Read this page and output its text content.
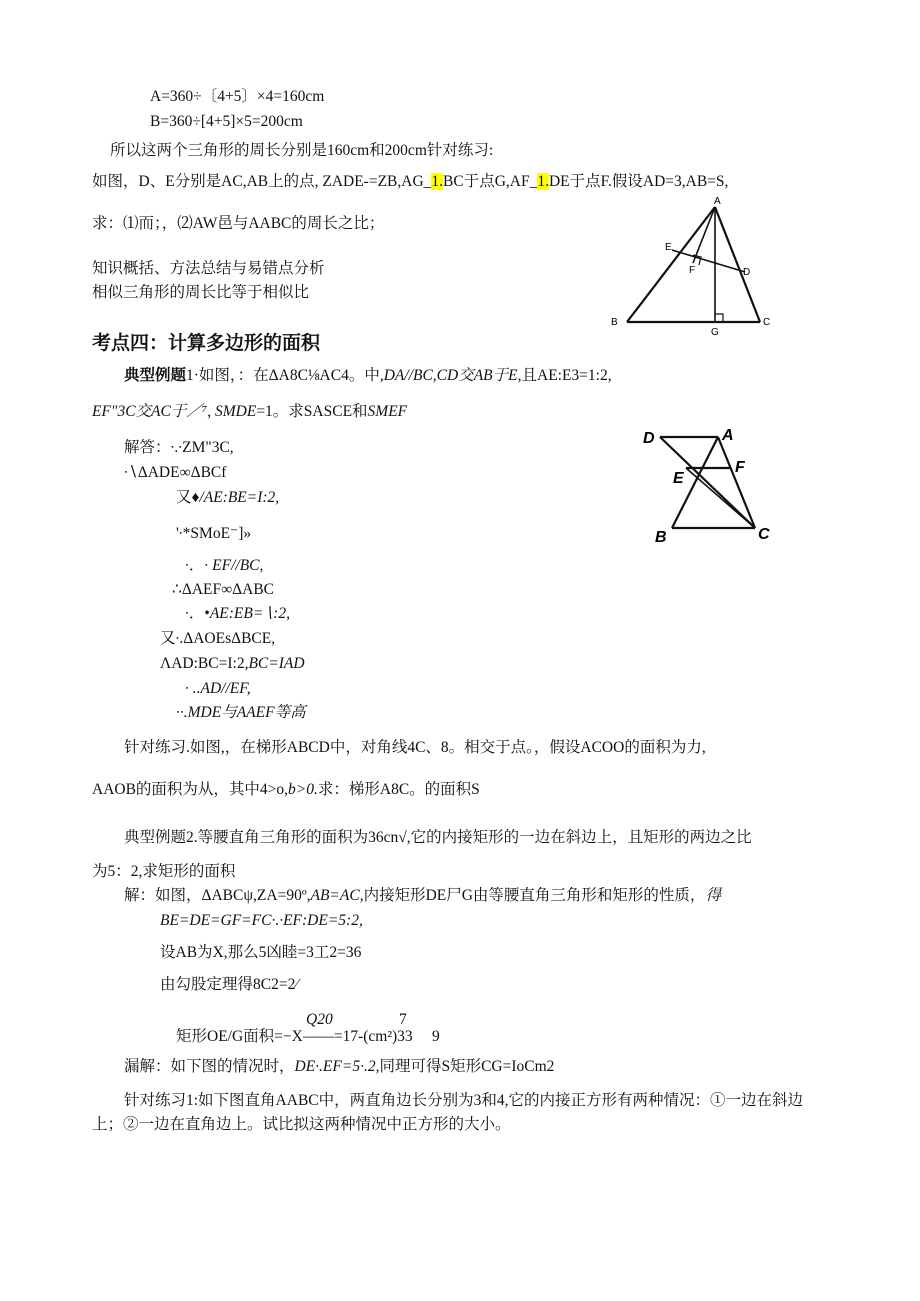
A=360÷〔4+5〕×4=160cm
B=360÷[4+5]×5=200cm
所以这两个三角形的周长分别是160cm和200cm针对练习:
如图，D、E分别是AC,AB上的点, ZADE-=ZB,AG_1.BC于点G,AF_1.DE于点F.假设AD=3,AB=S,
求：⑴而；，⑵AW邑与AABC的周长之比；
知识概括、方法总结与易错点分析
相似三角形的周长比等于相似比
A
B	C
D
E
F
G
考点四：计算多边形的面积
典型例题1·如图，：在ΔA8C⅛AC4。中,DA//BC,CD交AB于E,且AE:E3=1:2,
EF"3C交AC于／⁷, SMDE=1。求SASCE和SMEF
D	A
E
F
B	C
解答：∙.∙ZM"3C,
∙∖ΔADE∞ΔBCf
又♦/AE:BE=I:2,
'∙*SMoE⁻]»
∙．∙ EF//BC,
∴ΔAEF∞ΔABC
∙．•AE:EB=∖:2,
又∙.ΔAOEsΔBCE,
ΛAD:BC=I:2,BC=IAD
∙ ..AD//EF,
∙∙.MDE与AAEF等高
针对练习.如图,，在梯形ABCD中，对角线4C、8。相交于点。，假设ACOO的面积为力,
AAOB的面积为从，其中4>o,b>0.求：梯形A8C。的面积S
典型例题2.等腰直角三角形的面积为36cn√,它的内接矩形的一边在斜边上，且矩形的两边之比
为5：2,求矩形的面积
解：如图，ΔABCψ,ZA=90º,AB=AC,内接矩形DE尸G由等腰直角三角形和矩形的性质，得
BE=DE=GF=FC∙.∙EF:DE=5:2,
设AB为X,那么5凶睦=3工2=36
由勾股定理得8C2=2∕
Q20	7
矩形OE/G面积=−X——=17-(cm²)33 9
漏解：如下图的情况时，DE∙.EF=5∙.2,同理可得S矩形CG=IoCm2
针对练习1:如下图直角AABC中，两直角边长分别为3和4,它的内接正方形有两种情况：①一边在斜边
上；②一边在直角边上。试比拟这两种情况中正方形的大小。
